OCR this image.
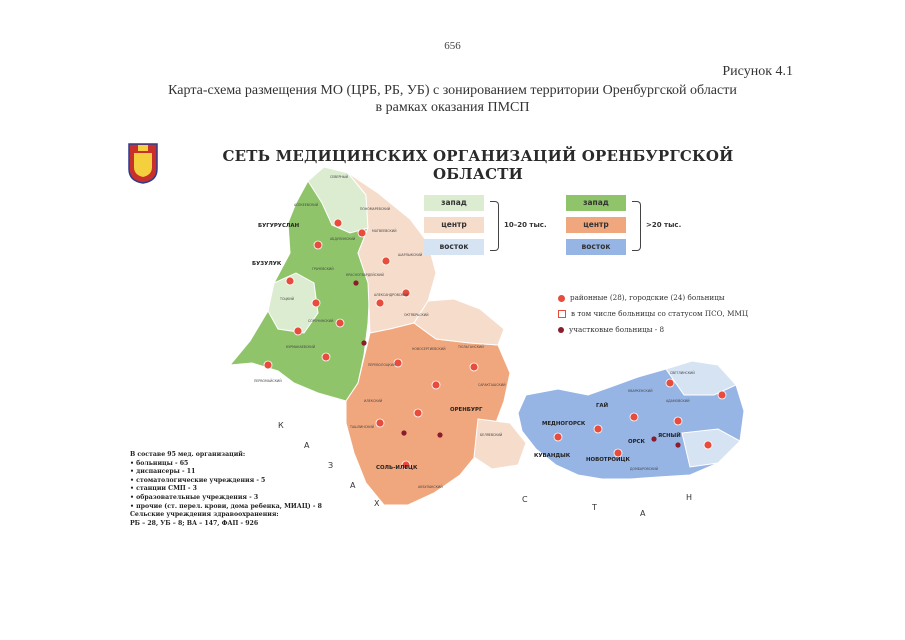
656
Рисунок 4.1
Карта-схема размещения МО (ЦРБ, РБ, УБ) с зонированием территории Оренбургской области
в рамках оказания ПМСП
СЕТЬ МЕДИЦИНСКИХ ОРГАНИЗАЦИЙ ОРЕНБУРГСКОЙ ОБЛАСТИ
запад
центр
восток
10–20 тыс.
запад
центр
восток
>20 тыс.
районные (28), городские (24) больницы
в том числе больницы со статусом ПСО, ММЦ
участковые больницы - 8
БУГУРУСЛАН
БУЗУЛУК
ОРЕНБУРГ
СОЛЬ-ИЛЕЦК
МЕДНОГОРСК
КУВАНДЫК
НОВОТРОИЦК
ГАЙ
ОРСК
ЯСНЫЙ
СЕВЕРНЫЙ
ПОНОМАРЕВСКИЙ
АСЕКЕЕВСКИЙ
АБДУЛИНСКИЙ
МАТВЕЕВСКИЙ
КРАСНОГВАРДЕЙСКИЙ
ШАРЛЫКСКИЙ
ТОЦКИЙ
КУРМАНАЕВСКИЙ
АЛЕКСАНДРОВСКИЙ
ОКТЯБРЬСКИЙ
ТАШЛИНСКИЙ
ИЛЕКСКИЙ
БЕЛЯЕВСКИЙ
САРАКТАШСКИЙ
АКБУЛАКСКИЙ
АДАМОВСКИЙ
СВЕТЛИНСКИЙ
КВАРКЕНСКИЙ
ДОМБАРОВСКИЙ
ТЮЛЬГАНСКИЙ
ПЕРВОМАЙСКИЙ
СОРОЧИНСКИЙ
ГРАЧЕВСКИЙ
ПЕРЕВОЛОЦКИЙ
НОВОСЕРГИЕВСКИЙ
К
А
З
А
Х	С
Т
А
Н
В составе 95 мед. организаций:
• больницы - 65
• диспансеры - 11
• стоматологические учреждения - 5
• станции СМП - 3
• образовательные учреждения - 3
• прочие (ст. перел. крови, дома ребенка, МИАЦ) - 8
Сельские учреждения здравоохранения:
РБ – 28, УБ – 8; ВА – 147, ФАП - 926
